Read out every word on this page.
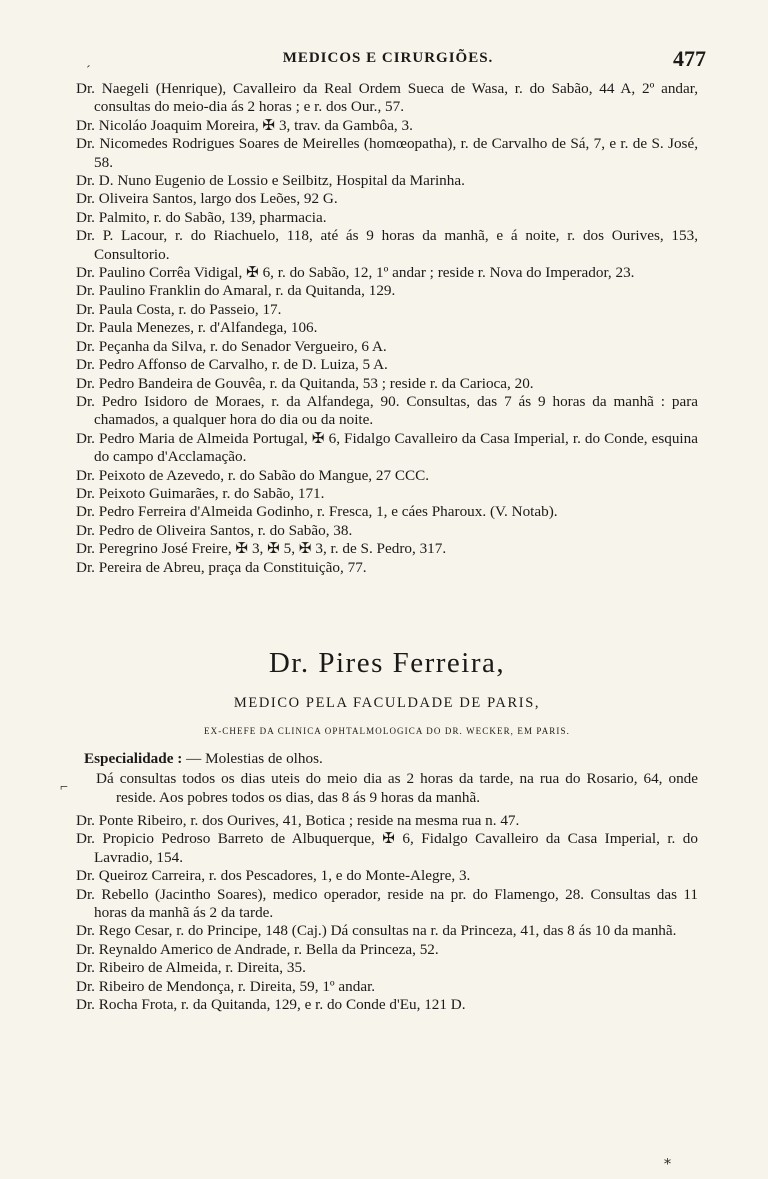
MEDICOS E CIRURGIÕES.	477

Dr. Naegeli (Henrique), Cavalleiro da Real Ordem Sueca de Wasa, r. do Sabão, 44 A, 2º andar, consultas do meio-dia ás 2 horas ; e r. dos Our., 57.

Dr. Nicoláo Joaquim Moreira, ✠ 3, trav. da Gambôa, 3.

Dr. Nicomedes Rodrigues Soares de Meirelles (homœopatha), r. de Carvalho de Sá, 7, e r. de S. José, 58.

Dr. D. Nuno Eugenio de Lossio e Seilbitz, Hospital da Marinha.

Dr. Oliveira Santos, largo dos Leões, 92 G.

Dr. Palmito, r. do Sabão, 139, pharmacia.

Dr. P. Lacour, r. do Riachuelo, 118, até ás 9 horas da manhã, e á noite, r. dos Ourives, 153, Consultorio.

Dr. Paulino Corrêa Vidigal, ✠ 6, r. do Sabão, 12, 1º andar ; reside r. Nova do Imperador, 23.

Dr. Paulino Franklin do Amaral, r. da Quitanda, 129.

Dr. Paula Costa, r. do Passeio, 17.

Dr. Paula Menezes, r. d'Alfandega, 106.

Dr. Peçanha da Silva, r. do Senador Vergueiro, 6 A.

Dr. Pedro Affonso de Carvalho, r. de D. Luiza, 5 A.

Dr. Pedro Bandeira de Gouvêa, r. da Quitanda, 53 ; reside r. da Carioca, 20.

Dr. Pedro Isidoro de Moraes, r. da Alfandega, 90. Consultas, das 7 ás 9 horas da manhã : para chamados, a qualquer hora do dia ou da noite.

Dr. Pedro Maria de Almeida Portugal, ✠ 6, Fidalgo Cavalleiro da Casa Imperial, r. do Conde, esquina do campo d'Acclamação.

Dr. Peixoto de Azevedo, r. do Sabão do Mangue, 27 CCC.

Dr. Peixoto Guimarães, r. do Sabão, 171.

Dr. Pedro Ferreira d'Almeida Godinho, r. Fresca, 1, e cáes Pharoux. (V. Notab).

Dr. Pedro de Oliveira Santos, r. do Sabão, 38.

Dr. Peregrino José Freire, ✠ 3, ✠ 5, ✠ 3, r. de S. Pedro, 317.

Dr. Pereira de Abreu, praça da Constituição, 77.

Dr. Pires Ferreira,

MEDICO PELA FACULDADE DE PARIS,

EX-CHEFE DA CLINICA OPHTALMOLOGICA DO DR. WECKER, EM PARIS.

Especialidade : — Molestias de olhos.

Dá consultas todos os dias uteis do meio dia as 2 horas da tarde, na rua do Rosario, 64, onde reside. Aos pobres todos os dias, das 8 ás 9 horas da manhã.

Dr. Ponte Ribeiro, r. dos Ourives, 41, Botica ; reside na mesma rua n. 47.

Dr. Propicio Pedroso Barreto de Albuquerque, ✠ 6, Fidalgo Cavalleiro da Casa Imperial, r. do Lavradio, 154.

Dr. Queiroz Carreira, r. dos Pescadores, 1, e do Monte-Alegre, 3.

Dr. Rebello (Jacintho Soares), medico operador, reside na pr. do Flamengo, 28. Consultas das 11 horas da manhã ás 2 da tarde.

Dr. Rego Cesar, r. do Principe, 148 (Caj.) Dá consultas na r. da Princeza, 41, das 8 ás 10 da manhã.

Dr. Reynaldo Americo de Andrade, r. Bella da Princeza, 52.

Dr. Ribeiro de Almeida, r. Direita, 35.

Dr. Ribeiro de Mendonça, r. Direita, 59, 1º andar.

Dr. Rocha Frota, r. da Quitanda, 129, e r. do Conde d'Eu, 121 D.

ˊ
⌐
⁎
